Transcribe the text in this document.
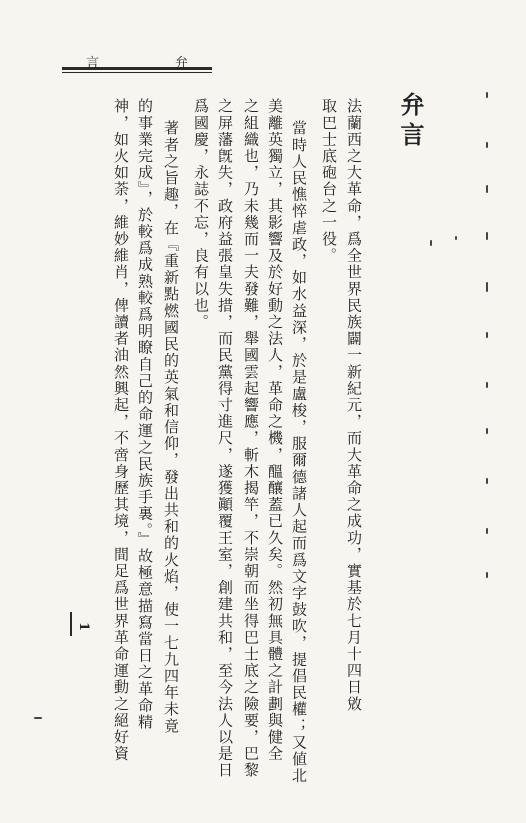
言	弁
弁言
法蘭西之大革命，爲全世界民族闢一新紀元，而大革命之成功，實基於七月十四日敓
取巴士底砲台之一役。
當時人民憔悴虐政，如水益深，於是盧梭，服爾德諸人起而爲文字鼓吹，提倡民權；又値北
美離英獨立，其影響及於好動之法人，革命之機，醞釀蓋已久矣。然初無具體之計劃與健全
之組織也，乃未幾而一夫發難，舉國雲起響應，斬木揭竿，不崇朝而坐得巴士底之險要，巴黎
之屏藩旣失，政府益張皇失措，而民黨得寸進尺，遂獲顚覆王室，創建共和，至今法人以是日
爲國慶，永誌不忘，良有以也。
著者之旨趣，在『重新點燃國民的英氣和信仰，發出共和的火焰，使一七九四年未竟
的事業完成』，於較爲成熟較爲明瞭自己的命運之民族手裏。』故極意描寫當日之革命精
神，如火如荼，維妙維肖，俾讀者油然興起，不啻身歷其境，間足爲世界革命運動之絕好資
1
